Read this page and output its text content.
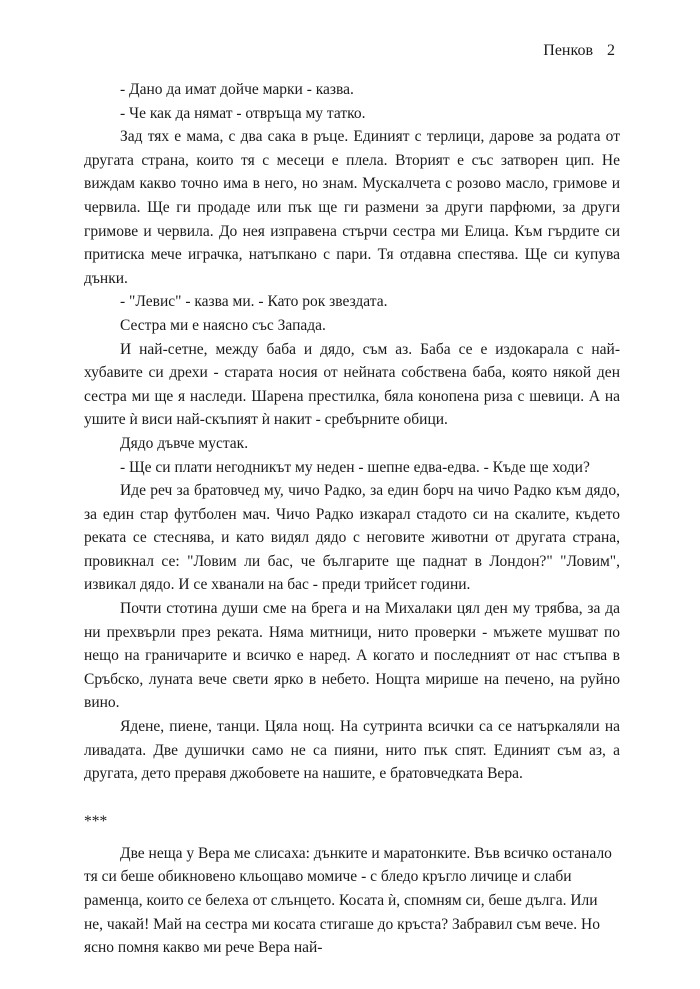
Пенков 2

- Дано да имат дойче марки - казва.

- Че как да нямат - отвръща му татко.

Зад тях е мама, с два сака в ръце. Единият с терлици, дарове за родата от другата страна, които тя с месеци е плела. Вторият е със затворен цип. Не виждам какво точно има в него, но знам. Мускалчета с розово масло, гримове и червила. Ще ги продаде или пък ще ги размени за други парфюми, за други гримове и червила. До нея изправена стърчи сестра ми Елица. Към гърдите си притиска мече играчка, натъпкано с пари. Тя отдавна спестява. Ще си купува дънки.

- "Левис" - казва ми. - Като рок звездата.

Сестра ми е наясно със Запада.

И най-сетне, между баба и дядо, съм аз. Баба се е издокарала с най-хубавите си дрехи - старата носия от нейната собствена баба, която някой ден сестра ми ще я наследи. Шарена престилка, бяла конопена риза с шевици. А на ушите ѝ виси най-скъпият ѝ накит - сребърните обици.

Дядо дъвче мустак.

- Ще си плати негодникът му неден - шепне едва-едва. - Къде ще ходи?

Иде реч за братовчед му, чичо Радко, за един борч на чичо Радко към дядо, за един стар футболен мач. Чичо Радко изкарал стадото си на скалите, където реката се стеснява, и като видял дядо с неговите животни от другата страна, провикнал се: "Ловим ли бас, че българите ще паднат в Лондон?" "Ловим", извикал дядо. И се хванали на бас - преди трийсет години.

Почти стотина души сме на брега и на Михалаки цял ден му трябва, за да ни прехвърли през реката. Няма митници, нито проверки - мъжете мушват по нещо на граничарите и всичко е наред. А когато и последният от нас стъпва в Сръбско, луната вече свети ярко в небето. Нощта мирише на печено, на руйно вино.

Ядене, пиене, танци. Цяла нощ. На сутринта всички са се натъркаляли на ливадата. Две душички само не са пияни, нито пък спят. Единият съм аз, а другата, дето преравя джобовете на нашите, е братовчедката Вера.

***

Две неща у Вера ме слисаха: дънките и маратонките. Във всичко останало тя си беше обикновено кльощаво момиче - с бледо кръгло личице и слаби раменца, които се белеха от слънцето. Косата ѝ, спомням си, беше дълга. Или не, чакай! Май на сестра ми косата стигаше до кръста? Забравил съм вече. Но ясно помня какво ми рече Вера най-
